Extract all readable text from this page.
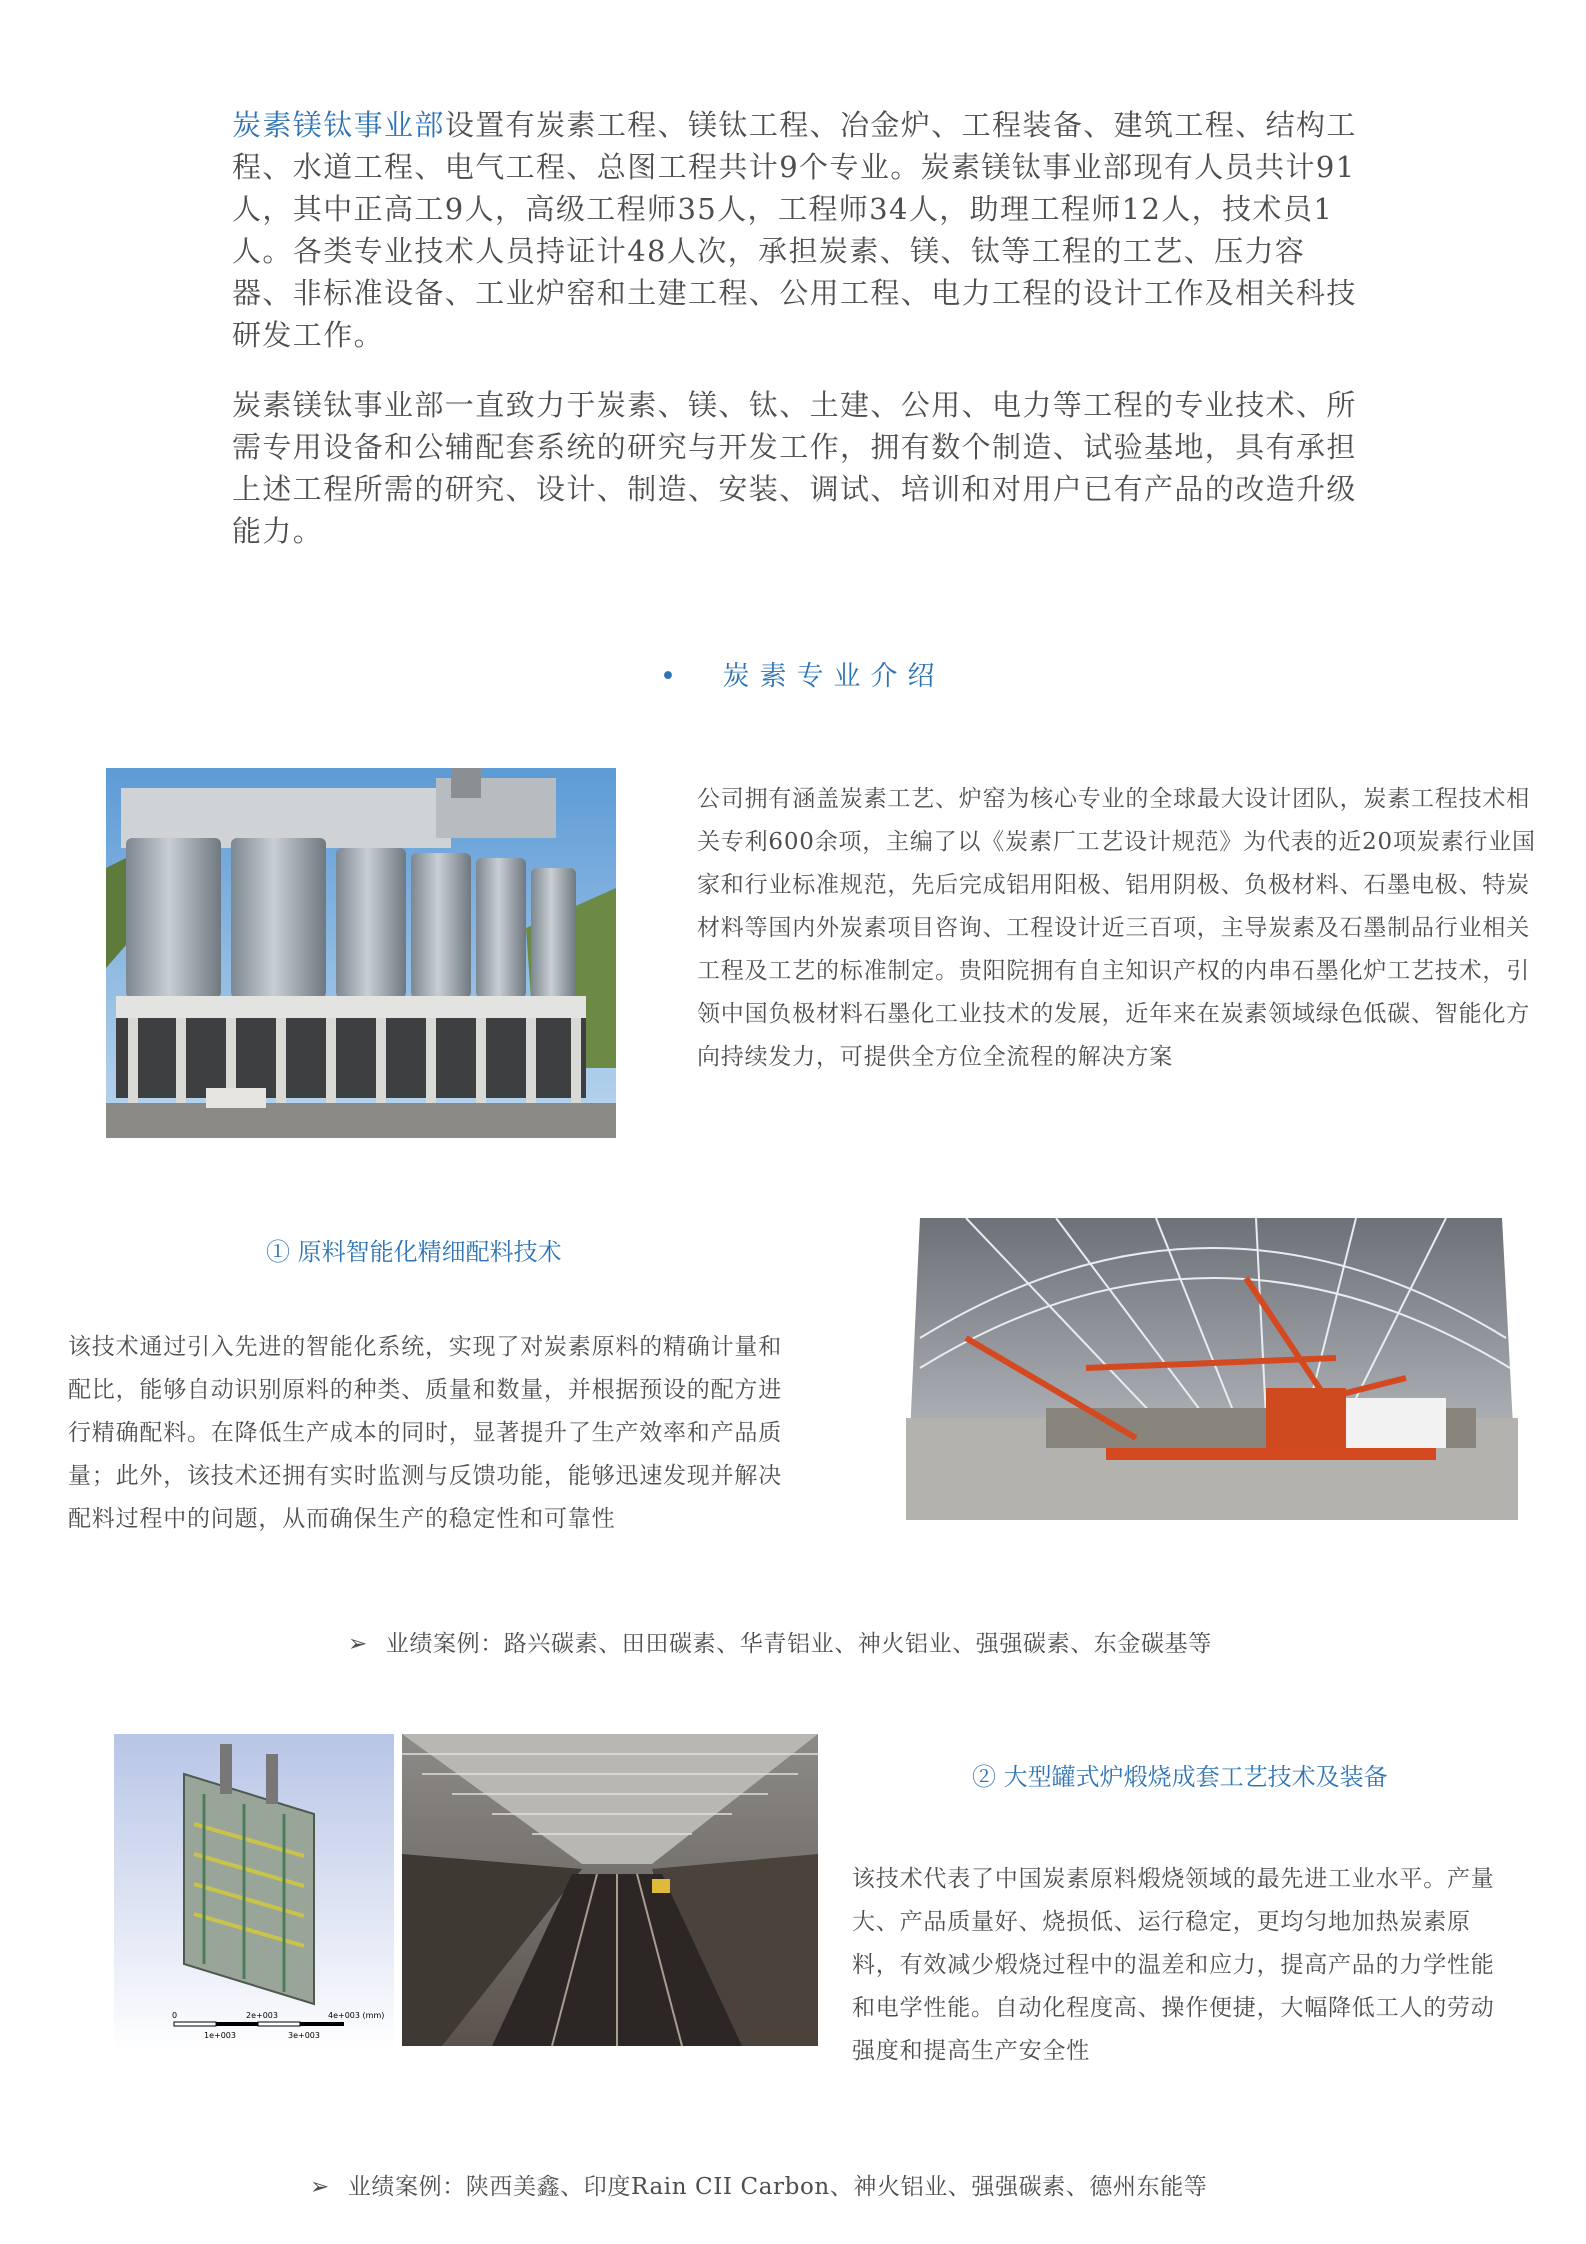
炭素镁钛事业部设置有炭素工程、镁钛工程、冶金炉、工程装备、建筑工程、结构工程、水道工程、电气工程、总图工程共计9个专业。炭素镁钛事业部现有人员共计91人，其中正高工9人，高级工程师35人，工程师34人，助理工程师12人，技术员1人。各类专业技术人员持证计48人次，承担炭素、镁、钛等工程的工艺、压力容器、非标准设备、工业炉窑和土建工程、公用工程、电力工程的设计工作及相关科技研发工作。

炭素镁钛事业部一直致力于炭素、镁、钛、土建、公用、电力等工程的专业技术、所需专用设备和公辅配套系统的研究与开发工作，拥有数个制造、试验基地，具有承担上述工程所需的研究、设计、制造、安装、调试、培训和对用户已有产品的改造升级能力。

• 炭素专业介绍
公司拥有涵盖炭素工艺、炉窑为核心专业的全球最大设计团队，炭素工程技术相关专利600余项，主编了以《炭素厂工艺设计规范》为代表的近20项炭素行业国家和行业标准规范，先后完成铝用阳极、铝用阴极、负极材料、石墨电极、特炭材料等国内外炭素项目咨询、工程设计近三百项，主导炭素及石墨制品行业相关工程及工艺的标准制定。贵阳院拥有自主知识产权的内串石墨化炉工艺技术，引领中国负极材料石墨化工业技术的发展，近年来在炭素领域绿色低碳、智能化方向持续发力，可提供全方位全流程的解决方案
① 原料智能化精细配料技术
该技术通过引入先进的智能化系统，实现了对炭素原料的精确计量和配比，能够自动识别原料的种类、质量和数量，并根据预设的配方进行精确配料。在降低生产成本的同时，显著提升了生产效率和产品质量；此外，该技术还拥有实时监测与反馈功能，能够迅速发现并解决配料过程中的问题，从而确保生产的稳定性和可靠性
➢ 业绩案例：路兴碳素、田田碳素、华青铝业、神火铝业、强强碳素、东金碳基等
0	2e+003	4e+003 (mm)
1e+003	3e+003
② 大型罐式炉煅烧成套工艺技术及装备
该技术代表了中国炭素原料煅烧领域的最先进工业水平。产量大、产品质量好、烧损低、运行稳定，更均匀地加热炭素原料，有效减少煅烧过程中的温差和应力，提高产品的力学性能和电学性能。自动化程度高、操作便捷，大幅降低工人的劳动强度和提高生产安全性
➢ 业绩案例：陕西美鑫、印度Rain CII Carbon、神火铝业、强强碳素、德州东能等
